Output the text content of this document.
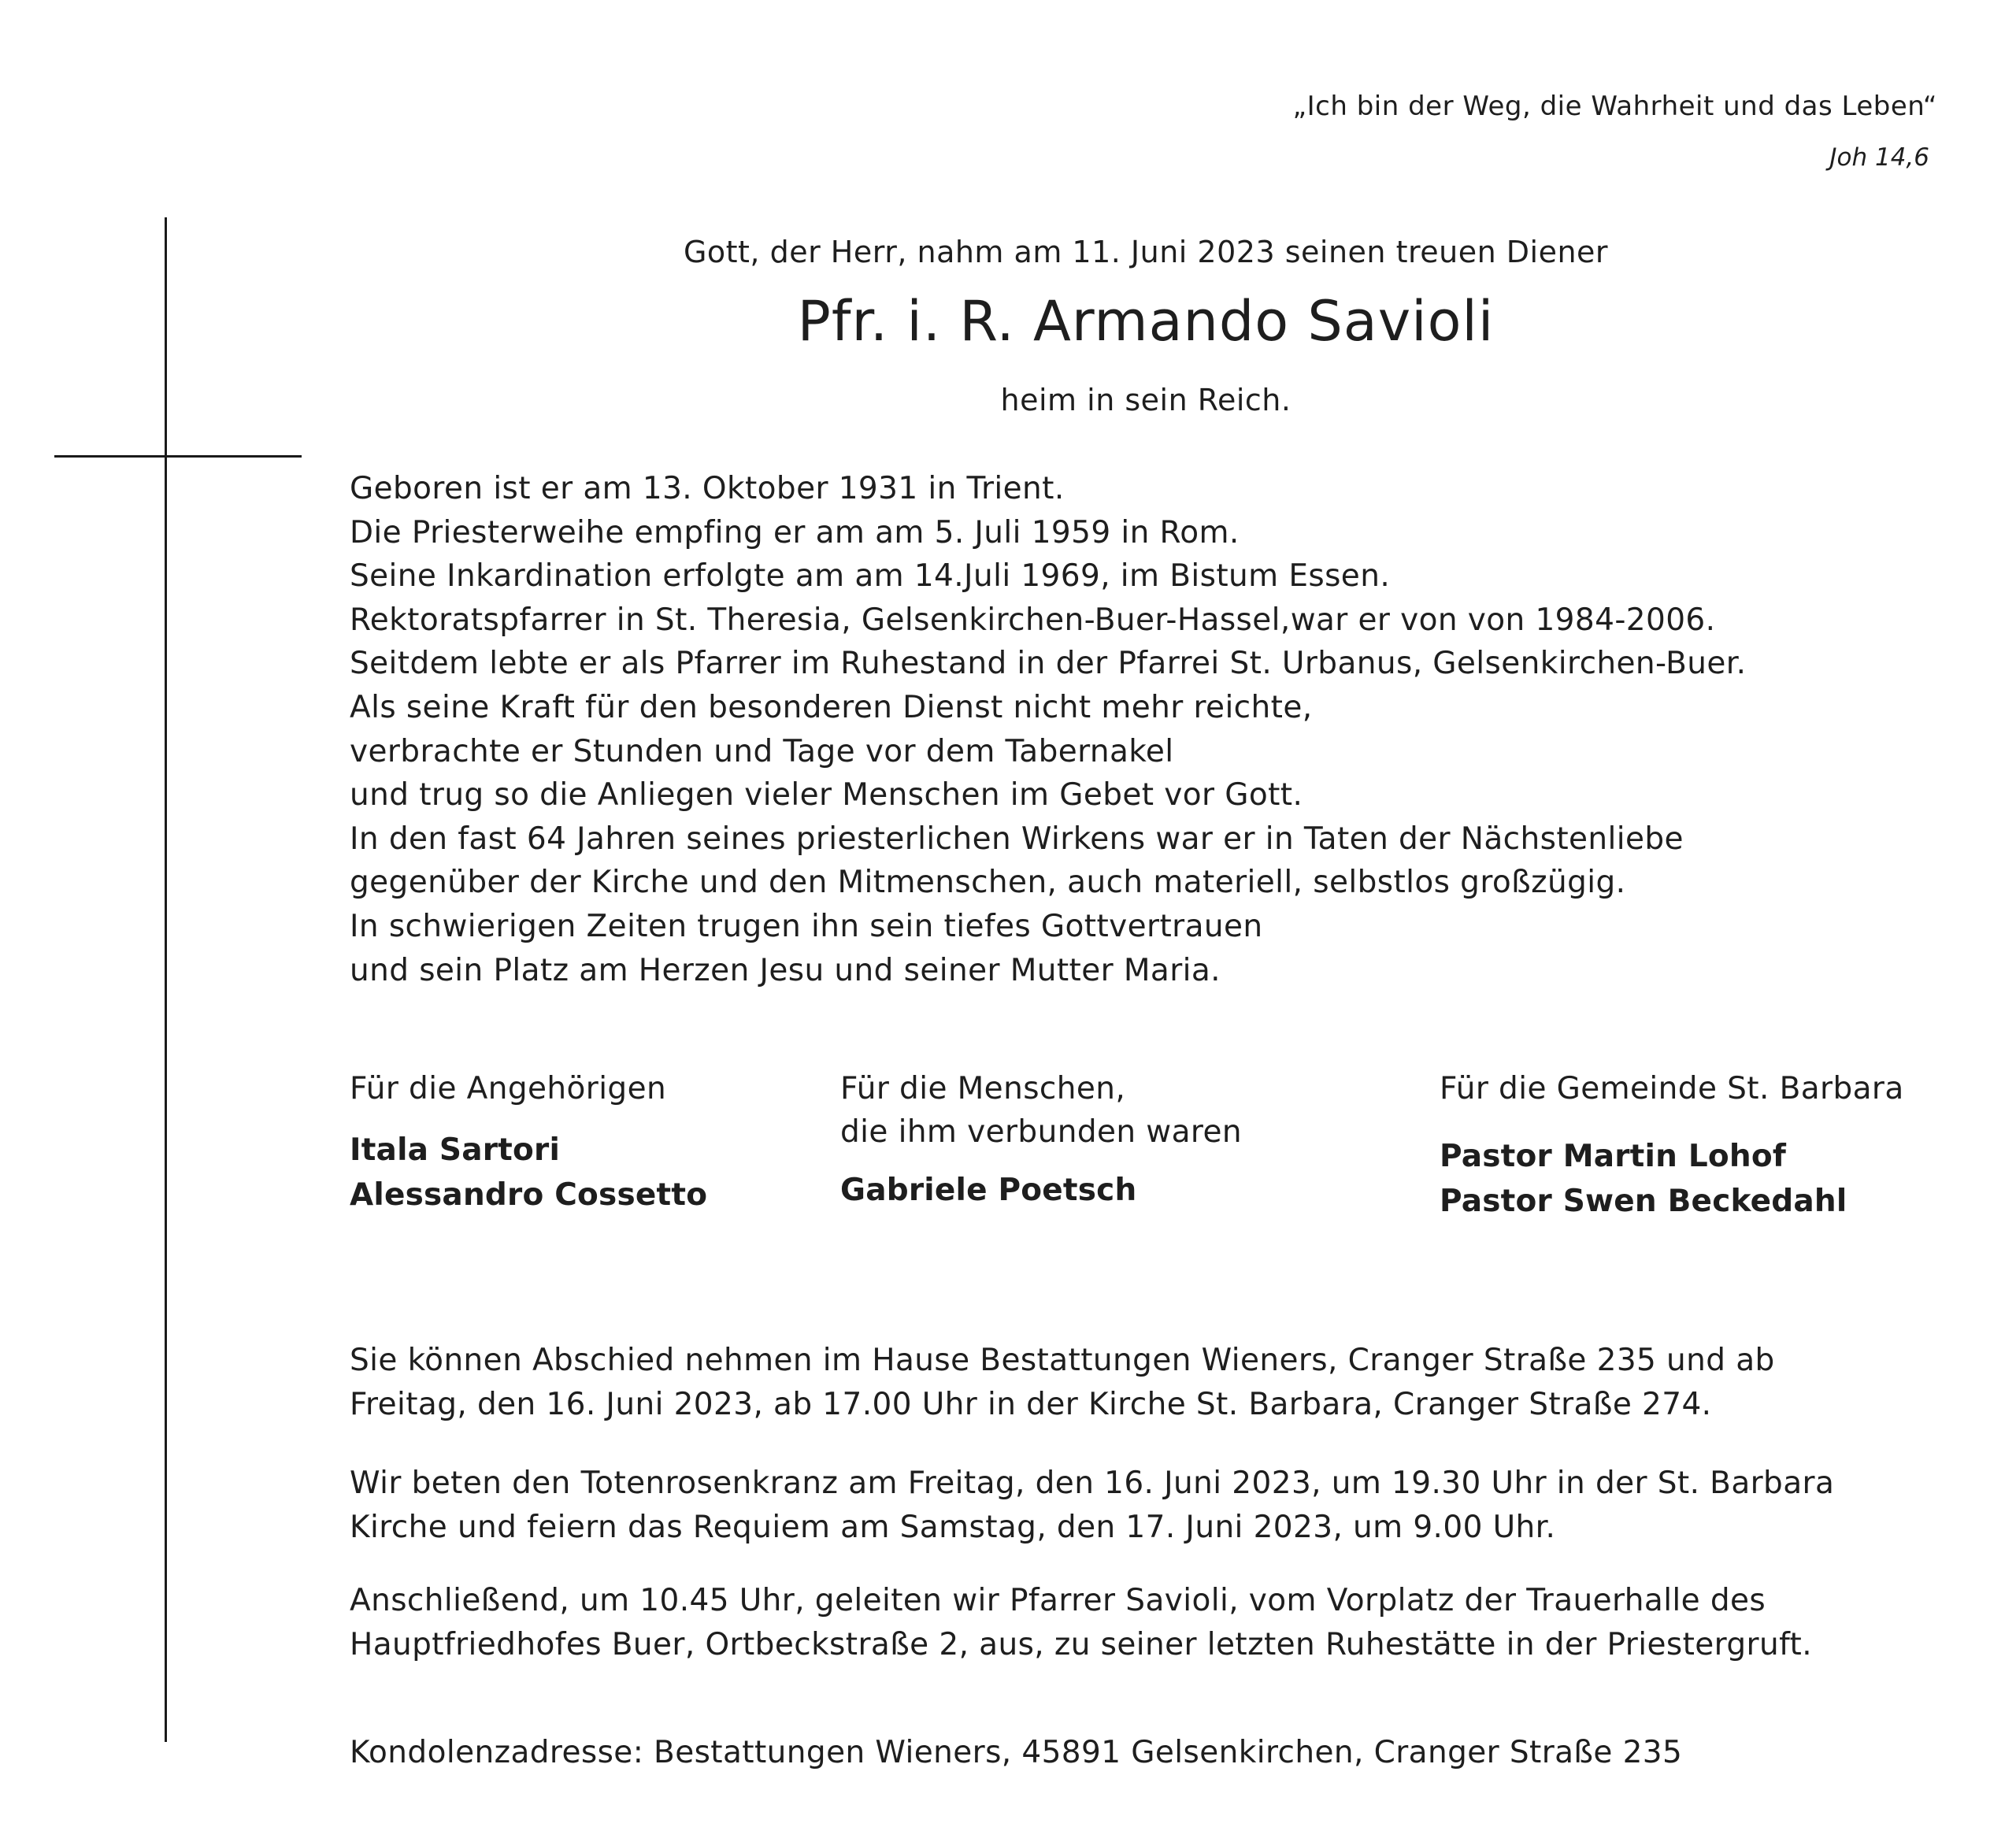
„Ich bin der Weg, die Wahrheit und das Leben“
Joh 14,6
Gott, der Herr, nahm am 11. Juni 2023 seinen treuen Diener
Pfr. i. R. Armando Savioli
heim in sein Reich.
Geboren ist er am 13. Oktober 1931 in Trient.
Die Priesterweihe empfing er am am 5. Juli 1959 in Rom.
Seine Inkardination erfolgte am am 14.Juli 1969, im Bistum Essen.
Rektoratspfarrer in St. Theresia, Gelsenkirchen-Buer-Hassel,war er von von 1984-2006.
Seitdem lebte er als Pfarrer im Ruhestand in der Pfarrei St. Urbanus, Gelsenkirchen-Buer.
Als seine Kraft für den besonderen Dienst nicht mehr reichte,
verbrachte er Stunden und Tage vor dem Tabernakel
und trug so die Anliegen vieler Menschen im Gebet vor Gott.
In den fast 64 Jahren seines priesterlichen Wirkens war er in Taten der Nächstenliebe
gegenüber der Kirche und den Mitmenschen, auch materiell, selbstlos großzügig.
In schwierigen Zeiten trugen ihn sein tiefes Gottvertrauen
und sein Platz am Herzen Jesu und seiner Mutter Maria.
Für die Angehörigen
Itala Sartori
Alessandro Cossetto
Für die Menschen,
die ihm verbunden waren
Gabriele Poetsch
Für die Gemeinde St. Barbara
Pastor Martin Lohof
Pastor Swen Beckedahl
Sie können Abschied nehmen im Hause Bestattungen Wieners, Cranger Straße 235 und ab
Freitag, den 16. Juni 2023, ab 17.00 Uhr in der Kirche St. Barbara, Cranger Straße 274.
Wir beten den Totenrosenkranz am Freitag, den 16. Juni 2023, um 19.30 Uhr in der St. Barbara
Kirche und feiern das Requiem am Samstag, den 17. Juni 2023, um 9.00 Uhr.
Anschließend, um 10.45 Uhr, geleiten wir Pfarrer Savioli, vom Vorplatz der Trauerhalle des
Hauptfriedhofes Buer, Ortbeckstraße 2, aus, zu seiner letzten Ruhestätte in der Priestergruft.
Kondolenzadresse: Bestattungen Wieners, 45891 Gelsenkirchen, Cranger Straße 235
